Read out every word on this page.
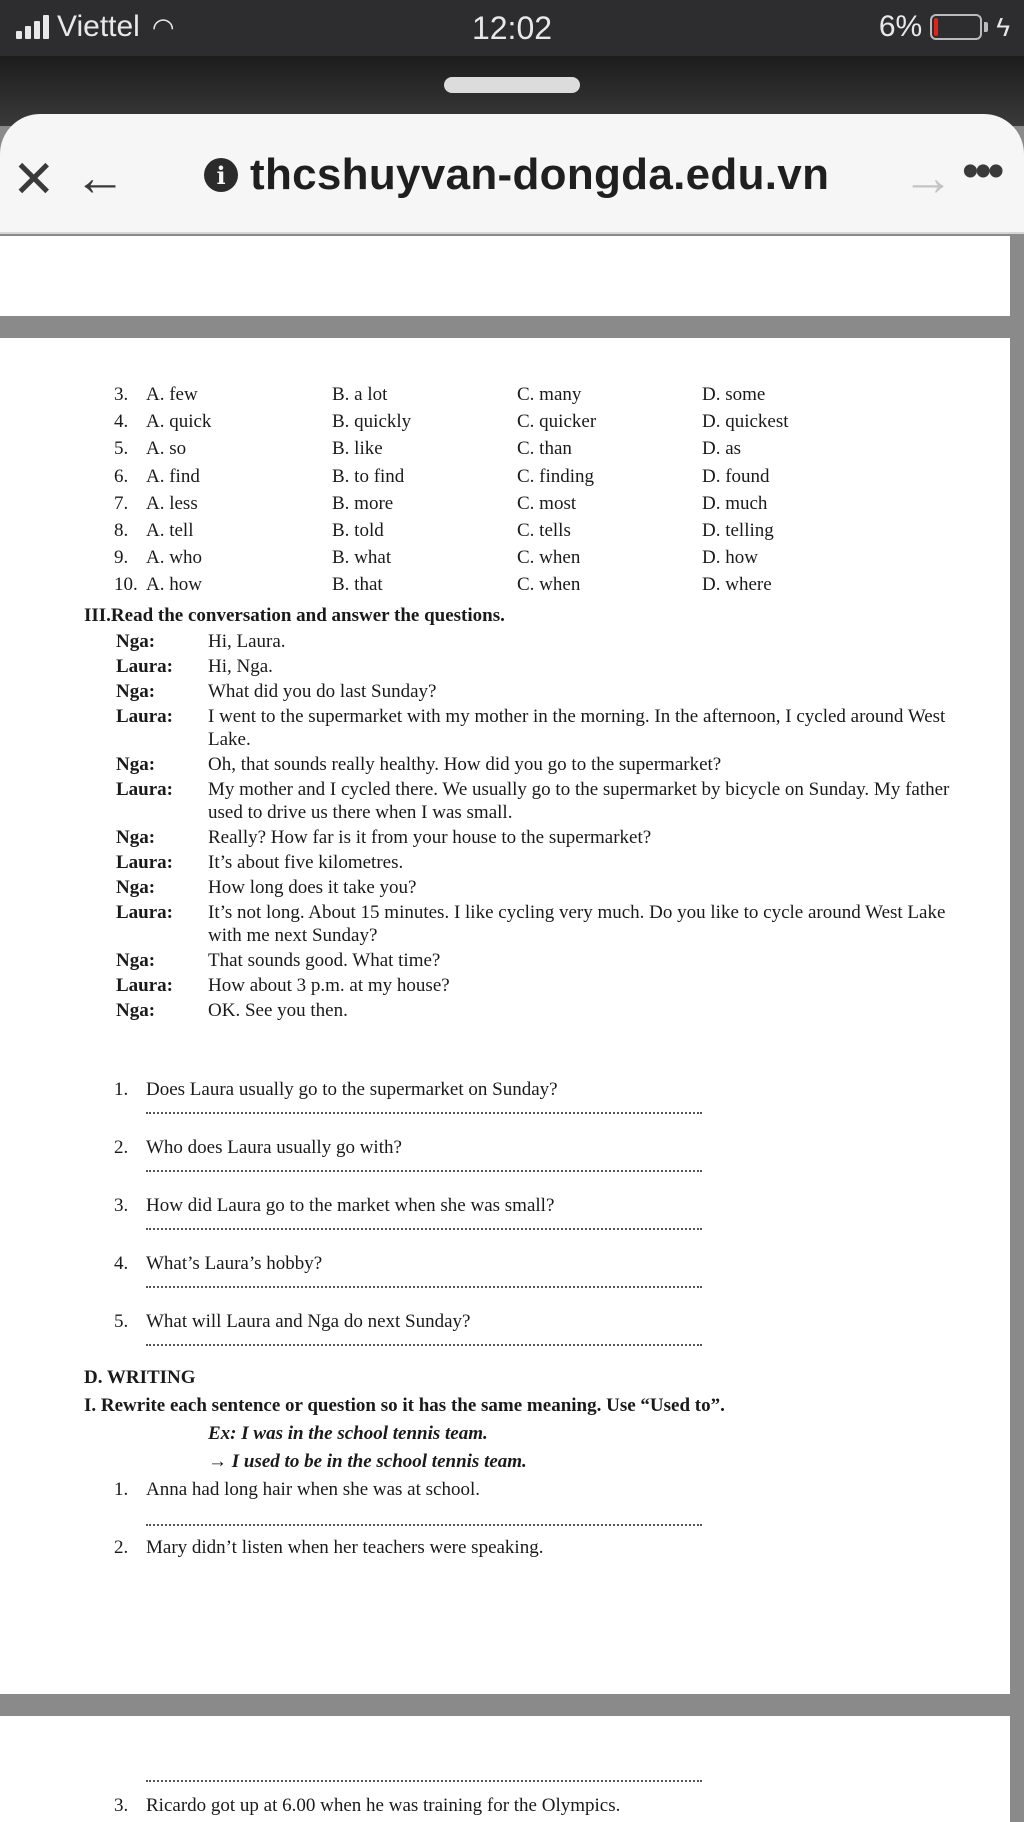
Viettel ◠	12:02	6%	ϟ
✕ ←	i thcshuyvan-dongda.edu.vn → •••
3. A. few	B. a lot	C. many	D. some
4. A. quick	B. quickly	C. quicker	D. quickest
5. A. so	B. like	C. than	D. as
6. A. find	B. to find	C. finding	D. found
7. A. less	B. more	C. most	D. much
8. A. tell	B. told	C. tells	D. telling
9. A. who	B. what	C. when	D. how
10. A. how	B. that	C. when	D. where
III.Read the conversation and answer the questions.
Nga:	Hi, Laura.
Laura: Hi, Nga.
Nga:	What did you do last Sunday?
Laura: I went to the supermarket with my mother in the morning. In the afternoon, I cycled around West Lake.
Nga:	Oh, that sounds really healthy. How did you go to the supermarket?
Laura: My mother and I cycled there. We usually go to the supermarket by bicycle on Sunday. My father used to drive us there when I was small.
Nga:	Really? How far is it from your house to the supermarket?
Laura: It’s about five kilometres.
Nga:	How long does it take you?
Laura: It’s not long. About 15 minutes. I like cycling very much. Do you like to cycle around West Lake with me next Sunday?
Nga:	That sounds good. What time?
Laura: How about 3 p.m. at my house?
Nga:	OK. See you then.
1. Does Laura usually go to the supermarket on Sunday?
2. Who does Laura usually go with?
3. How did Laura go to the market when she was small?
4. What’s Laura’s hobby?
5. What will Laura and Nga do next Sunday?
D. WRITING
I. Rewrite each sentence or question so it has the same meaning. Use “Used to”.
Ex: I was in the school tennis team.
→ I used to be in the school tennis team.
1. Anna had long hair when she was at school.
2. Mary didn’t listen when her teachers were speaking.
3. Ricardo got up at 6.00 when he was training for the Olympics.
